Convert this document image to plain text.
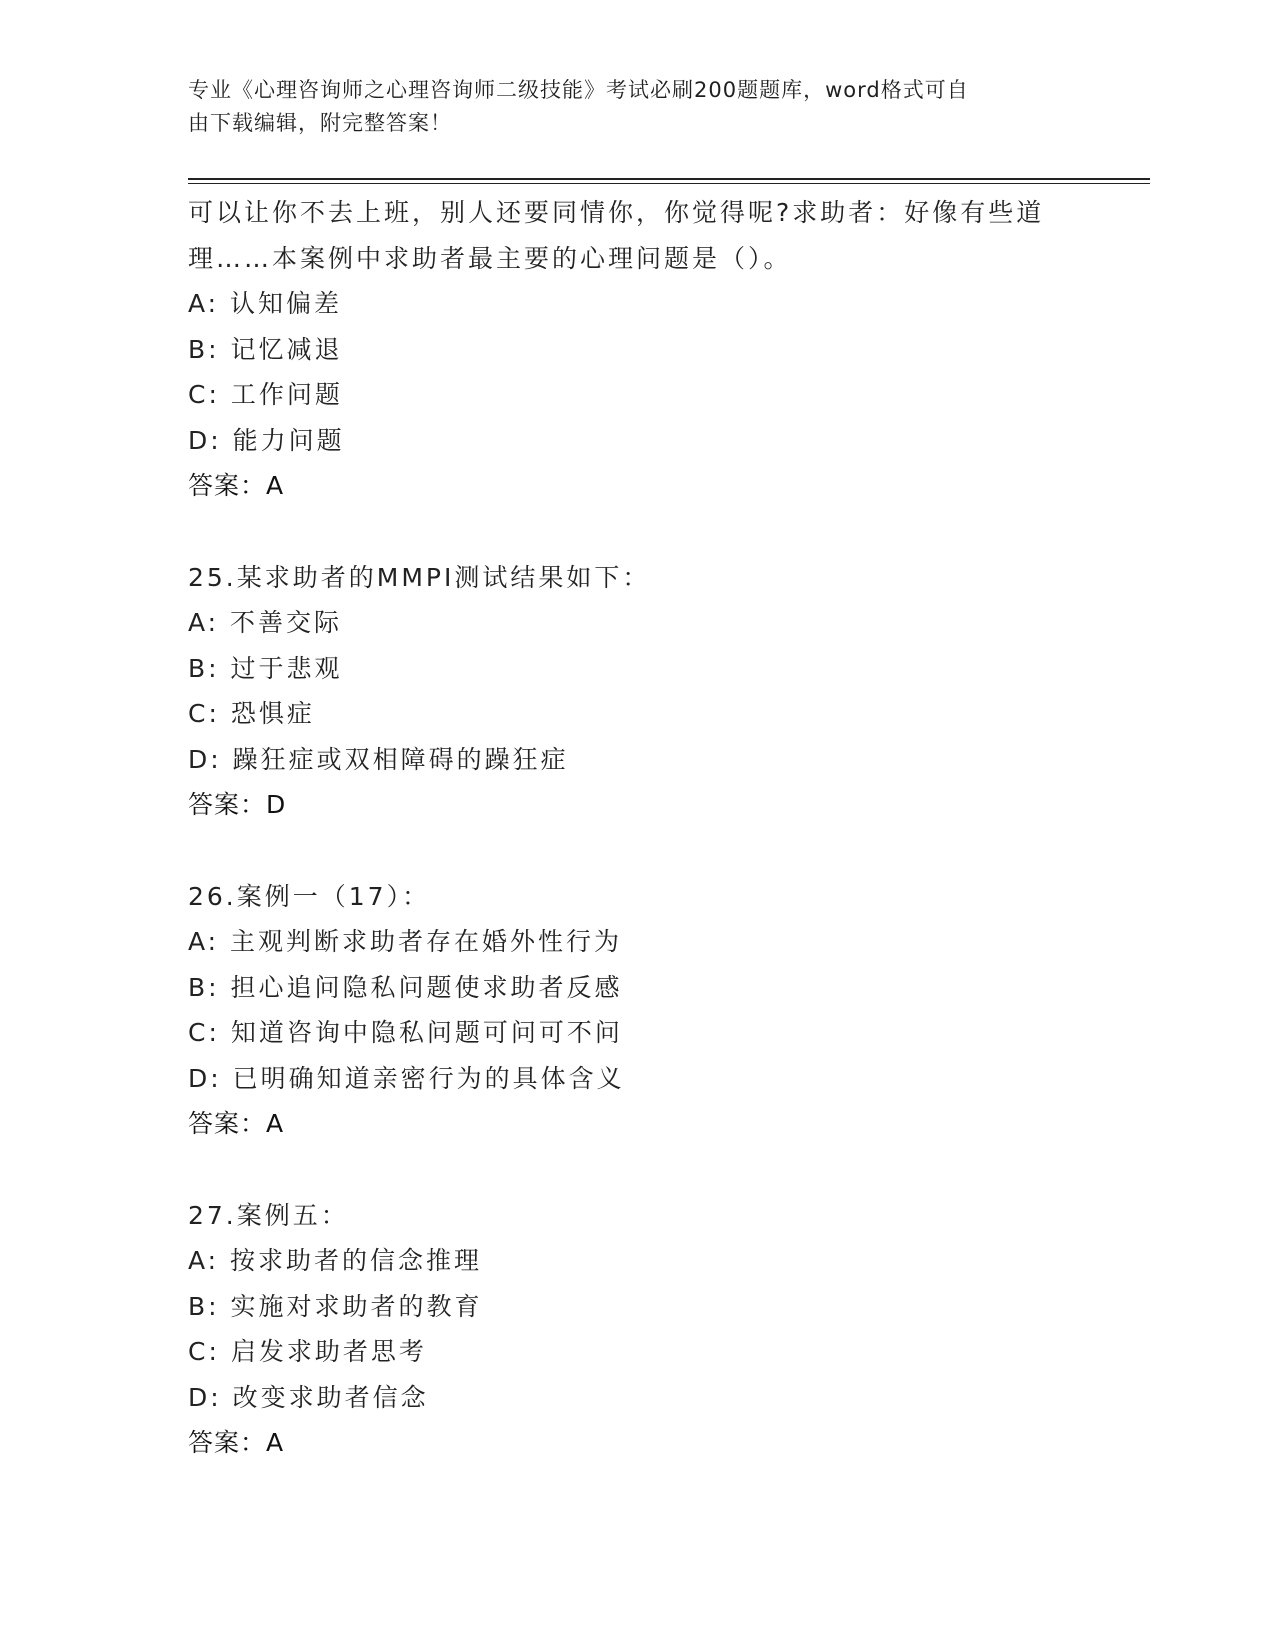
专业《心理咨询师之心理咨询师二级技能》考试必刷200题题库，word格式可自
由下载编辑，附完整答案！
可以让你不去上班，别人还要同情你，你觉得呢?求助者：好像有些道
理……本案例中求助者最主要的心理问题是（）。
A: 认知偏差
B: 记忆减退
C: 工作问题
D: 能力问题
答案：A
25.某求助者的MMPI测试结果如下：
A: 不善交际
B: 过于悲观
C: 恐惧症
D: 躁狂症或双相障碍的躁狂症
答案：D
26.案例一（17）：
A: 主观判断求助者存在婚外性行为
B: 担心追问隐私问题使求助者反感
C: 知道咨询中隐私问题可问可不问
D: 已明确知道亲密行为的具体含义
答案：A
27.案例五：
A: 按求助者的信念推理
B: 实施对求助者的教育
C: 启发求助者思考
D: 改变求助者信念
答案：A
